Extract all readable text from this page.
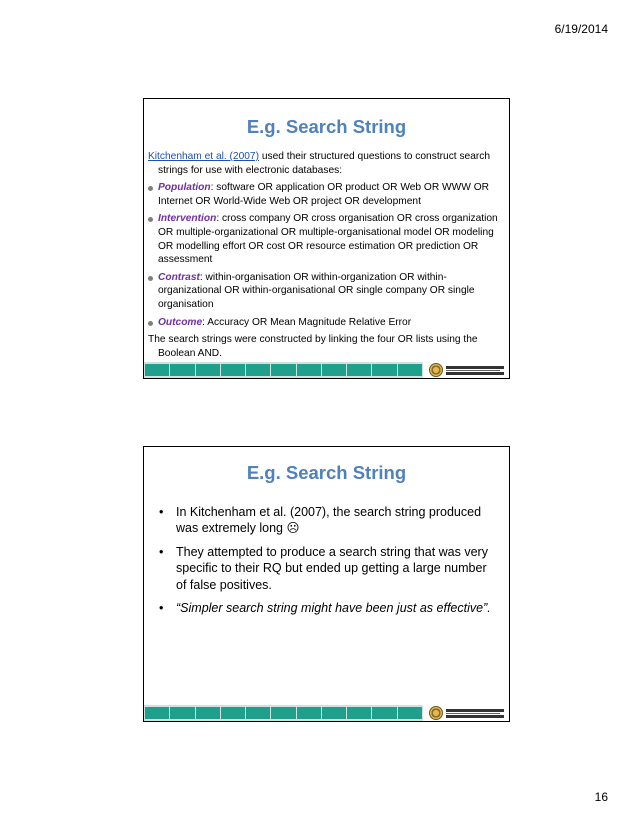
6/19/2014
E.g. Search String

Kitchenham et al. (2007) used their structured questions to construct search strings for use with electronic databases:

Population: software OR application OR product OR Web OR WWW OR Internet OR World-Wide Web OR project OR development
Intervention: cross company OR cross organisation OR cross organization OR multiple-organizational OR multiple-organisational model OR modeling OR modelling effort OR cost OR resource estimation OR prediction OR assessment
Contrast: within-organisation OR within-organization OR within-organizational OR within-organisational OR single company OR single organisation
Outcome: Accuracy OR Mean Magnitude Relative Error

The search strings were constructed by linking the four OR lists using the Boolean AND.

E.g. Search String
• In Kitchenham et al. (2007), the search string produced was extremely long ☹
• They attempted to produce a search string that was very specific to their RQ but ended up getting a large number of false positives.
• “Simpler search string might have been just as effective”.
16
